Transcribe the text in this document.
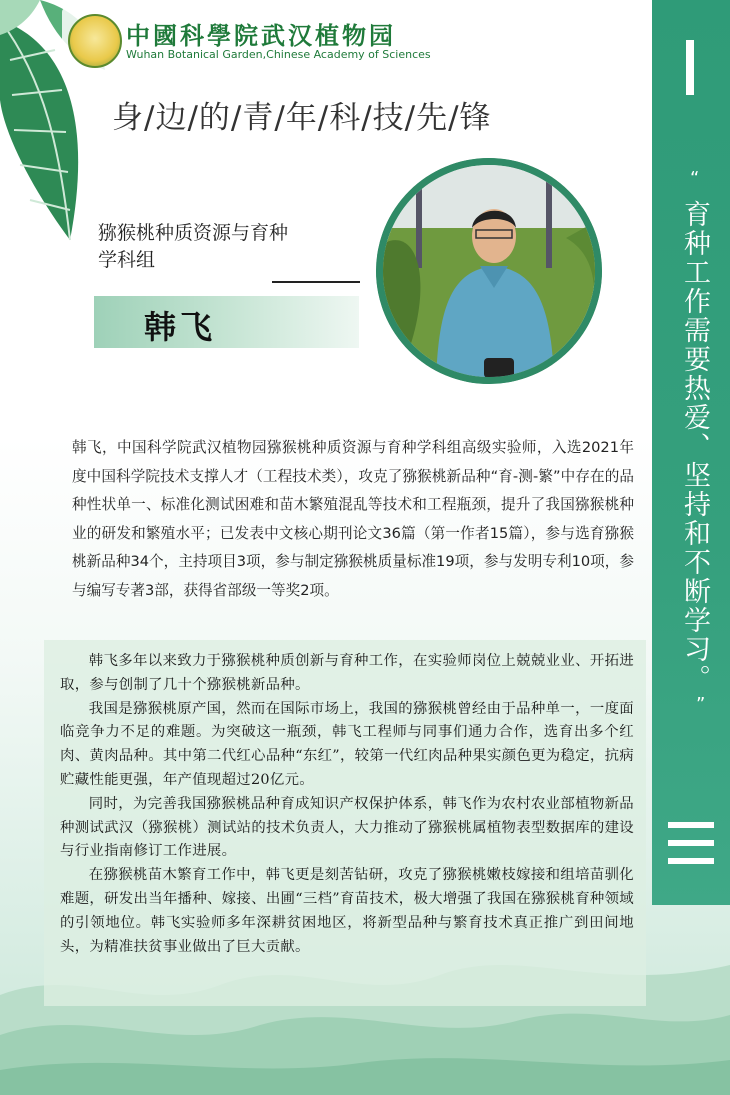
中國科學院武汉植物园
Wuhan Botanical Garden,Chinese Academy of Sciences
身/边/的/青/年/科/技/先/锋
猕猴桃种质资源与育种学科组
韩飞
韩飞，中国科学院武汉植物园猕猴桃种质资源与育种学科组高级实验师，入选2021年度中国科学院技术支撑人才（工程技术类），攻克了猕猴桃新品种“育-测-繁”中存在的品种性状单一、标准化测试困难和苗木繁殖混乱等技术和工程瓶颈，提升了我国猕猴桃种业的研发和繁殖水平；已发表中文核心期刊论文36篇（第一作者15篇），参与选育猕猴桃新品种34个，主持项目3项，参与制定猕猴桃质量标准19项，参与发明专利10项，参与编写专著3部，获得省部级一等奖2项。

韩飞多年以来致力于猕猴桃种质创新与育种工作，在实验师岗位上兢兢业业、开拓进取，参与创制了几十个猕猴桃新品种。

我国是猕猴桃原产国，然而在国际市场上，我国的猕猴桃曾经由于品种单一，一度面临竞争力不足的难题。为突破这一瓶颈，韩飞工程师与同事们通力合作，选育出多个红肉、黄肉品种。其中第二代红心品种“东红”，较第一代红肉品种果实颜色更为稳定，抗病贮藏性能更强，年产值现超过20亿元。

同时，为完善我国猕猴桃品种育成知识产权保护体系，韩飞作为农村农业部植物新品种测试武汉（猕猴桃）测试站的技术负责人，大力推动了猕猴桃属植物表型数据库的建设与行业指南修订工作进展。

在猕猴桃苗木繁育工作中，韩飞更是刻苦钻研，攻克了猕猴桃嫩枝嫁接和组培苗驯化难题，研发出当年播种、嫁接、出圃“三档”育苗技术，极大增强了我国在猕猴桃育种领域的引领地位。韩飞实验师多年深耕贫困地区，将新型品种与繁育技术真正推广到田间地头，为精准扶贫事业做出了巨大贡献。

“
育种工作需要热爱、坚持和不断学习。
”
